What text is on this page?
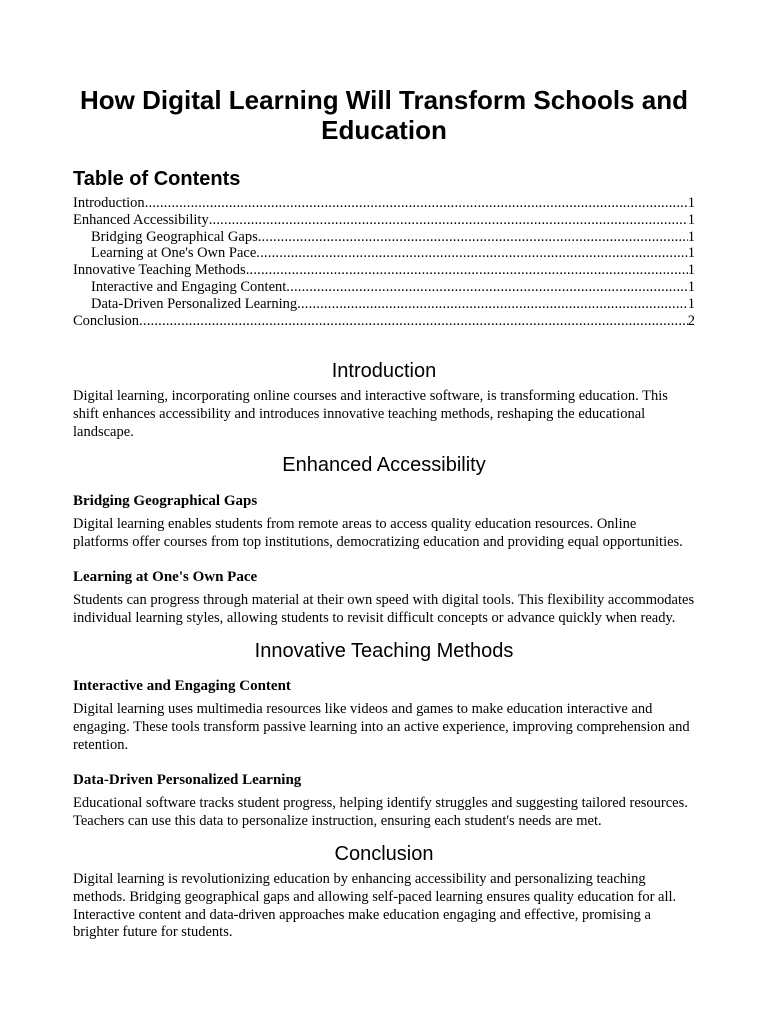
How Digital Learning Will Transform Schools and Education
Table of Contents
Introduction .....	1
Enhanced Accessibility .....	1
Bridging Geographical Gaps .....	1
Learning at One's Own Pace .....	1
Innovative Teaching Methods .....	1
Interactive and Engaging Content .....	1
Data-Driven Personalized Learning .....	1
Conclusion .....	2
Introduction

Digital learning, incorporating online courses and interactive software, is transforming education. This shift enhances accessibility and introduces innovative teaching methods, reshaping the educational landscape.

Enhanced Accessibility
Bridging Geographical Gaps

Digital learning enables students from remote areas to access quality education resources. Online platforms offer courses from top institutions, democratizing education and providing equal opportunities.

Learning at One's Own Pace

Students can progress through material at their own speed with digital tools. This flexibility accommodates individual learning styles, allowing students to revisit difficult concepts or advance quickly when ready.

Innovative Teaching Methods
Interactive and Engaging Content

Digital learning uses multimedia resources like videos and games to make education interactive and engaging. These tools transform passive learning into an active experience, improving comprehension and retention.

Data-Driven Personalized Learning

Educational software tracks student progress, helping identify struggles and suggesting tailored resources. Teachers can use this data to personalize instruction, ensuring each student's needs are met.

Conclusion

Digital learning is revolutionizing education by enhancing accessibility and personalizing teaching methods. Bridging geographical gaps and allowing self-paced learning ensures quality education for all. Interactive content and data-driven approaches make education engaging and effective, promising a brighter future for students.
